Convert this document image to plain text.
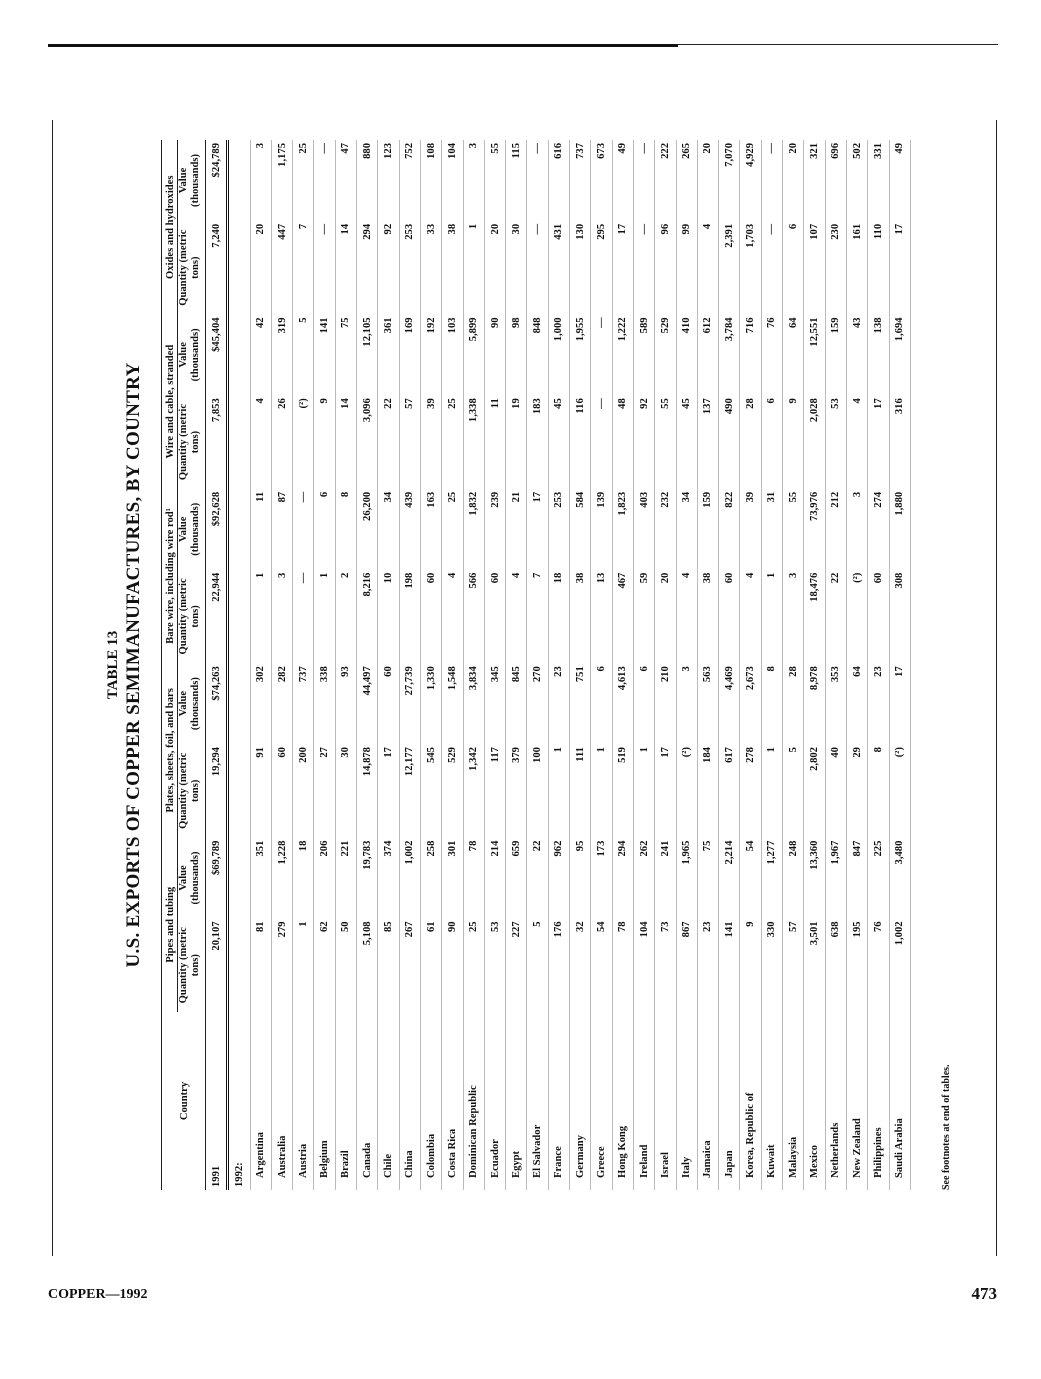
TABLE 13 U.S. EXPORTS OF COPPER SEMIMANUFACTURES, BY COUNTRY
Country	Pipes and tubing		Plates, sheets, foil, and bars		Bare wire, including wire rod¹		Wire and cable, stranded		Oxides and hydroxides	
	Quantity (metric tons)	Value (thousands)	Quantity (metric tons)	Value (thousands)	Quantity (metric tons)	Value (thousands)	Quantity (metric tons)	Value (thousands)	Quantity (metric tons)	Value (thousands)
1991	20,107	$69,789	19,294	$74,263	22,944	$92,628	7,853	$45,404	7,240	$24,789
1992:										
Argentina	81	351	91	302	1	11	4	42	20	3
Australia	279	1,228	60	282	3	87	26	319	447	1,175
Austria	1	18	200	737	—	—	(²)	5	7	25
Belgium	62	206	27	338	1	6	9	141	—	—
Brazil	50	221	30	93	2	8	14	75	14	47
Canada	5,108	19,783	14,878	44,497	8,216	26,200	3,096	12,105	294	880
Chile	85	374	17	60	10	34	22	361	92	123
China	267	1,002	12,177	27,739	198	439	57	169	253	752
Colombia	61	258	545	1,330	60	163	39	192	33	108
Costa Rica	90	301	529	1,548	4	25	25	103	38	104
Dominican Republic	25	78	1,342	3,834	566	1,832	1,338	5,899	1	3
Ecuador	53	214	117	345	60	239	11	90	20	55
Egypt	227	659	379	845	4	21	19	98	30	115
El Salvador	5	22	100	270	7	17	183	848	—	—
France	176	962	1	23	18	253	45	1,000	431	616
Germany	32	95	111	751	38	584	116	1,955	130	737
Greece	54	173	1	6	13	139	—	—	295	673
Hong Kong	78	294	519	4,613	467	1,823	48	1,222	17	49
Ireland	104	262	1	6	59	403	92	589	—	—
Israel	73	241	17	210	20	232	55	529	96	222
Italy	867	1,965	(²)	3	4	34	45	410	99	265
Jamaica	23	75	184	563	38	159	137	612	4	20
Japan	141	2,214	617	4,469	60	822	490	3,784	2,391	7,070
Korea, Republic of	9	54	278	2,673	4	39	28	716	1,703	4,929
Kuwait	330	1,277	1	8	1	31	6	76	—	—
Malaysia	57	248	5	28	3	55	9	64	6	20
Mexico	3,501	13,360	2,802	8,978	18,476	73,976	2,028	12,551	107	321
Netherlands	638	1,967	40	353	22	212	53	159	230	696
New Zealand	195	847	29	64	(²)	3	4	43	161	502
Philippines	76	225	8	23	60	274	17	138	110	331
Saudi Arabia	1,002	3,480	(²)	17	308	1,880	316	1,694	17	49
See footnotes at end of tables.
COPPER—1992	473
